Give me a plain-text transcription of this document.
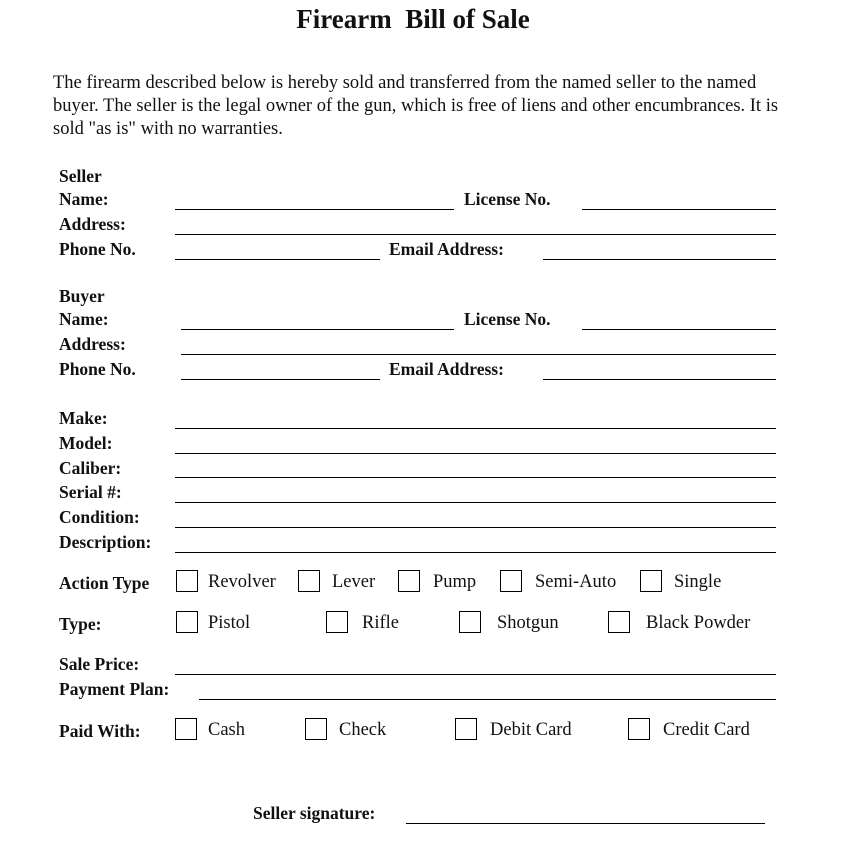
Firearm  Bill of Sale
The firearm described below is hereby sold and transferred from the named seller to the named buyer. The seller is the legal owner of the gun, which is free of liens and other encumbrances. It is sold "as is" with no warranties.
Seller
Name:	License No.
Address:
Phone No.	Email Address:
Buyer
Name:	License No.
Address:
Phone No.	Email Address:
Make:
Model:
Caliber:
Serial #:
Condition:
Description:
Action Type	Revolver	Lever	Pump	Semi-Auto	Single
Type:	Pistol	Rifle	Shotgun	Black Powder
Sale Price:
Payment Plan:
Paid With:	Cash	Check	Debit Card	Credit Card
Seller signature:
